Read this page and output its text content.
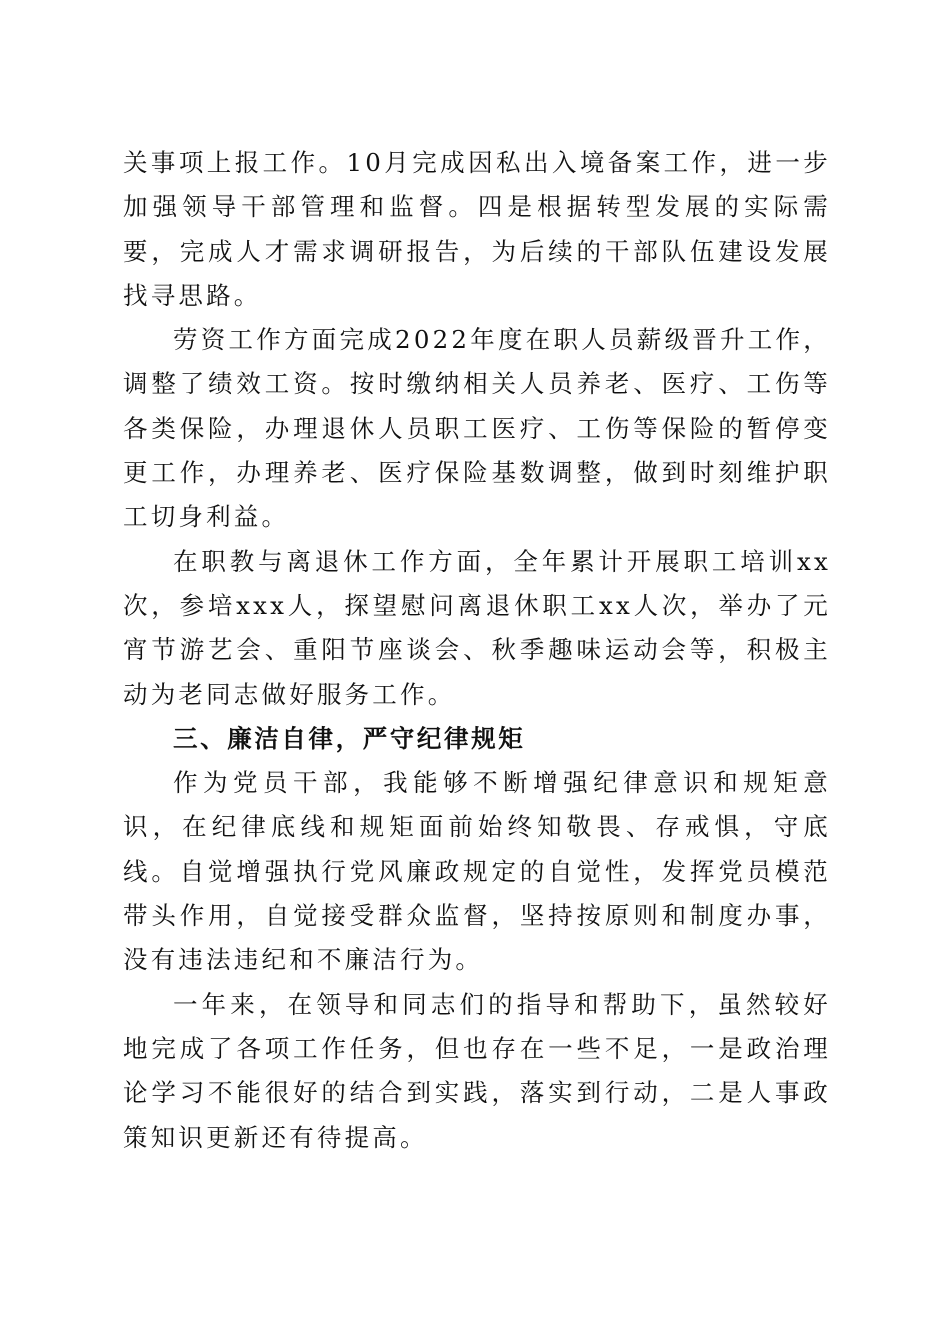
关事项上报工作。10月完成因私出入境备案工作，进一步加强领导干部管理和监督。四是根据转型发展的实际需要，完成人才需求调研报告，为后续的干部队伍建设发展找寻思路。

劳资工作方面完成2022年度在职人员薪级晋升工作，调整了绩效工资。按时缴纳相关人员养老、医疗、工伤等各类保险，办理退休人员职工医疗、工伤等保险的暂停变更工作，办理养老、医疗保险基数调整，做到时刻维护职工切身利益。

在职教与离退休工作方面，全年累计开展职工培训xx次，参培xxx人，探望慰问离退休职工xx人次，举办了元宵节游艺会、重阳节座谈会、秋季趣味运动会等，积极主动为老同志做好服务工作。

三、廉洁自律，严守纪律规矩

作为党员干部，我能够不断增强纪律意识和规矩意识，在纪律底线和规矩面前始终知敬畏、存戒惧，守底线。自觉增强执行党风廉政规定的自觉性，发挥党员模范带头作用，自觉接受群众监督，坚持按原则和制度办事，没有违法违纪和不廉洁行为。

一年来，在领导和同志们的指导和帮助下，虽然较好地完成了各项工作任务，但也存在一些不足，一是政治理论学习不能很好的结合到实践，落实到行动，二是人事政策知识更新还有待提高。
